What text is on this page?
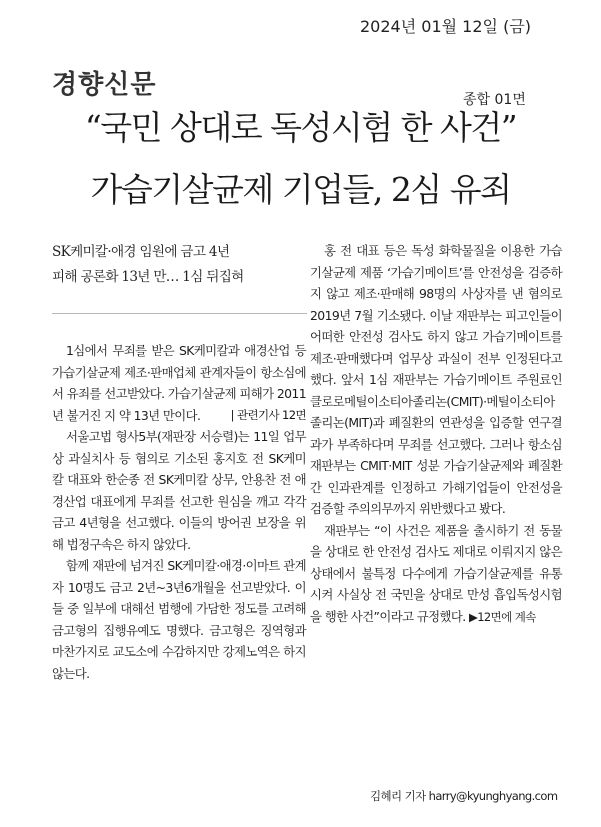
2024년 01월 12일 (금)
경향신문	종합 01면
“국민 상대로 독성시험 한 사건”
가습기살균제 기업들, 2심 유죄
SK케미칼·애경 임원에 금고 4년
피해 공론화 13년 만… 1심 뒤집혀

1심에서 무죄를 받은 SK케미칼과 애경산업 등 가습기살균제 제조·판매업체 관계자들이 항소심에서 유죄를 선고받았다. 가습기살균제 피해가 2011년 불거진 지 약 13년 만이다.	| 관련기사 12면

서울고법 형사5부(재판장 서승렬)는 11일 업무상 과실치사 등 혐의로 기소된 홍지호 전 SK케미칼 대표와 한순종 전 SK케미칼 상무, 안용찬 전 애경산업 대표에게 무죄를 선고한 원심을 깨고 각각 금고 4년형을 선고했다. 이들의 방어권 보장을 위해 법정구속은 하지 않았다.

함께 재판에 넘겨진 SK케미칼·애경·이마트 관계자 10명도 금고 2년~3년6개월을 선고받았다. 이들 중 일부에 대해선 범행에 가담한 정도를 고려해 금고형의 집행유예도 명했다. 금고형은 징역형과 마찬가지로 교도소에 수감하지만 강제노역은 하지 않는다.

홍 전 대표 등은 독성 화학물질을 이용한 가습기살균제 제품 ‘가습기메이트’를 안전성을 검증하지 않고 제조·판매해 98명의 사상자를 낸 혐의로 2019년 7월 기소됐다. 이날 재판부는 피고인들이 어떠한 안전성 검사도 하지 않고 가습기메이트를 제조·판매했다며 업무상 과실이 전부 인정된다고 했다. 앞서 1심 재판부는 가습기메이트 주원료인 클로로메틸이소티아졸리논(CMIT)·메틸이소티아졸리논(MIT)과 폐질환의 연관성을 입증할 연구결과가 부족하다며 무죄를 선고했다. 그러나 항소심 재판부는 CMIT·MIT 성분 가습기살균제와 폐질환 간 인과관계를 인정하고 가해기업들이 안전성을 검증할 주의의무까지 위반했다고 봤다.

재판부는 “이 사건은 제품을 출시하기 전 동물을 상대로 한 안전성 검사도 제대로 이뤄지지 않은 상태에서 불특정 다수에게 가습기살균제를 유통시켜 사실상 전 국민을 상대로 만성 흡입독성시험을 행한 사건”이라고 규정했다. ▶12면에 계속

김혜리 기자 harry@kyunghyang.com
